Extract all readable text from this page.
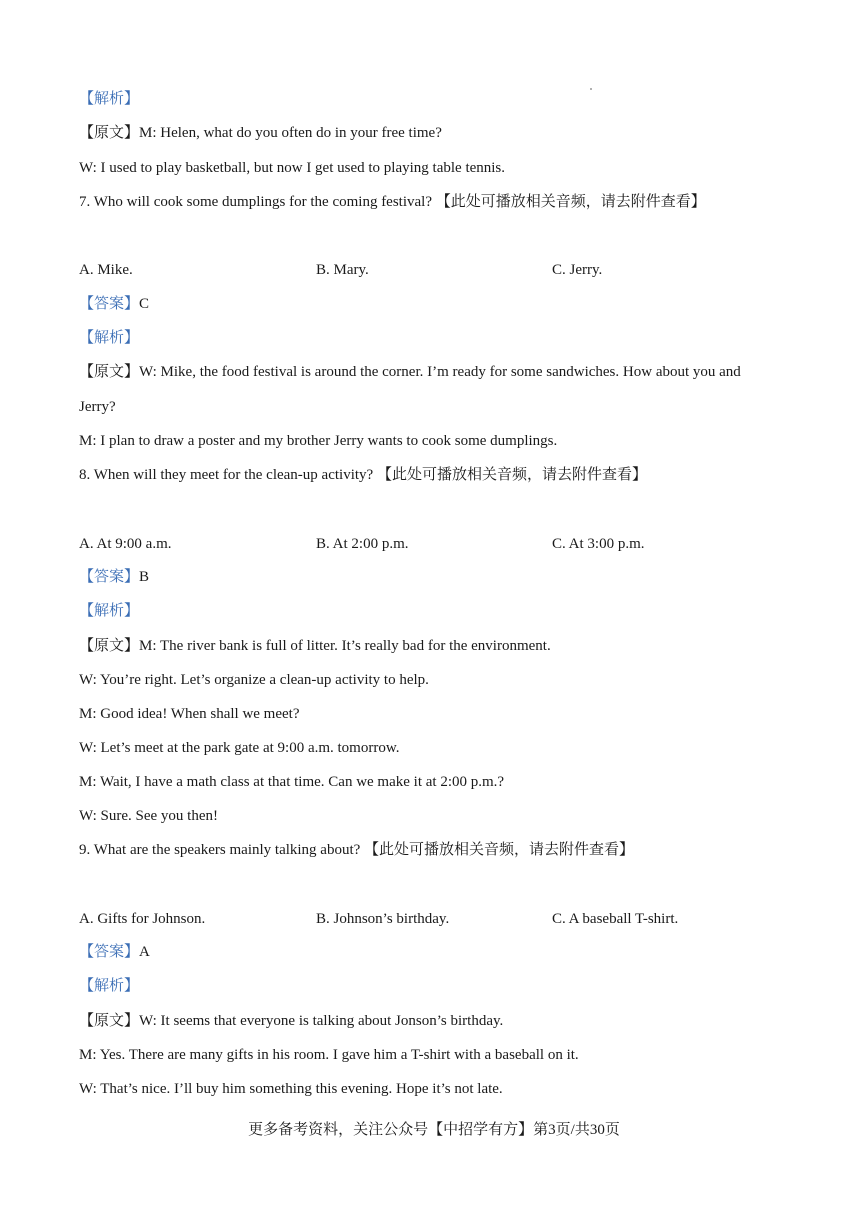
【解析】
【原文】M: Helen, what do you often do in your free time?
W: I used to play basketball, but now I get used to playing table tennis.
7. Who will cook some dumplings for the coming festival? 【此处可播放相关音频，请去附件查看】
A. Mike.	B. Mary.	C. Jerry.
【答案】C
【解析】
【原文】W: Mike, the food festival is around the corner. I’m ready for some sandwiches. How about you and
Jerry?
M: I plan to draw a poster and my brother Jerry wants to cook some dumplings.
8. When will they meet for the clean-up activity? 【此处可播放相关音频，请去附件查看】
A. At 9:00 a.m.	B. At 2:00 p.m.	C. At 3:00 p.m.
【答案】B
【解析】
【原文】M: The river bank is full of litter. It’s really bad for the environment.
W: You’re right. Let’s organize a clean-up activity to help.
M: Good idea! When shall we meet?
W: Let’s meet at the park gate at 9:00 a.m. tomorrow.
M: Wait, I have a math class at that time. Can we make it at 2:00 p.m.?
W: Sure. See you then!
9. What are the speakers mainly talking about? 【此处可播放相关音频，请去附件查看】
A. Gifts for Johnson.	B. Johnson’s birthday.	C. A baseball T-shirt.
【答案】A
【解析】
【原文】W: It seems that everyone is talking about Jonson’s birthday.
M: Yes. There are many gifts in his room. I gave him a T-shirt with a baseball on it.
W: That’s nice. I’ll buy him something this evening. Hope it’s not late.
更多备考资料，关注公众号【中招学有方】第3页/共30页
